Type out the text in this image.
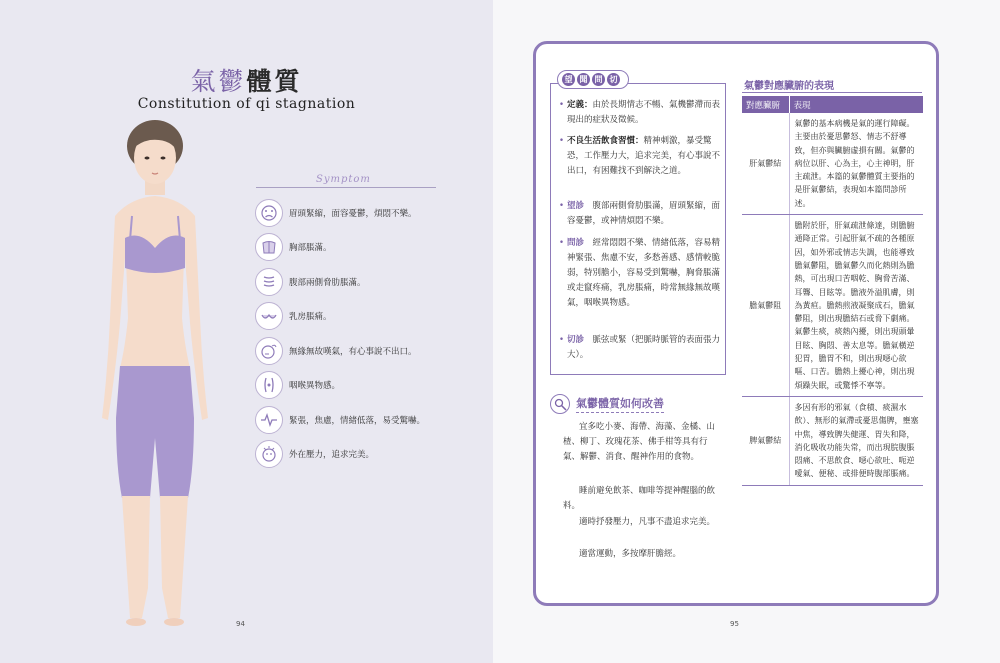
氣鬱體質
Constitution of qi stagnation
Symptom
眉頭緊縮，面容憂鬱，煩悶不樂。
胸部脹滿。
腹部兩側脅肋脹滿。
乳房脹痛。
無緣無故嘆氣，有心事說不出口。
咽喉異物感。
緊張，焦慮，情緒低落，易受驚嚇。
外在壓力，追求完美。
94
望 聞 問 切
• 定義：由於長期情志不暢、氣機鬱滯而表現出的症狀及徵候。
• 不良生活飲食習慣：精神刺激，暴受驚恐，工作壓力大，追求完美，有心事說不出口，有困難找不到解決之道。
• 望診　腹部兩側脅肋脹滿，眉頭緊縮，面容憂鬱，或神情煩悶不樂。
• 問診　經常悶悶不樂、情緒低落，容易精神緊張、焦慮不安，多愁善感、感情較脆弱，特別膽小，容易受到驚嚇，胸脅脹滿或走竄疼痛，乳房脹痛，時常無緣無故嘆氣，咽喉異物感。
• 切診　脈弦或緊（把脈時脈管的表面張力大）。
氣鬱體質如何改善
宜多吃小麥、海帶、海藻、金橘、山楂、柳丁、玫瑰花茶、佛手柑等具有行氣、解鬱、消食、醒神作用的食物。
睡前避免飲茶、咖啡等提神醒腦的飲料。
適時抒發壓力，凡事不盡追求完美。
適當運動，多按摩肝膽經。
氣鬱對應臟腑的表現
對應臟腑	表現
肝氣鬱結	氣鬱的基本病機是氣的運行障礙。主要由於憂思鬱怒、情志不舒導致，但亦與臟腑虛損有關。氣鬱的病位以肝、心為主，心主神明，肝主疏泄。本篇的氣鬱體質主要指的是肝氣鬱結，表現如本篇問診所述。
膽氣鬱阻	膽附於肝，肝氣疏泄條達，則膽腑通降正常。引起肝氣不疏的各種原因，如外邪或情志失調，也能導致膽氣鬱阻，膽氣鬱久而化熱則為膽熱，可出現口苦咽乾、胸脅苦滿、耳聾、目眩等。膽液外溢肌膚，則為黃疸。膽熱煎液凝聚成石，膽氣鬱阻，則出現膽結石或脅下劇痛。氣鬱生痰，痰熱內擾，則出現頭暈目眩、胸悶、善太息等。膽氣橫逆犯胃，膽胃不和，則出現噁心欲嘔、口苦。膽熱上擾心神，則出現煩躁失眠，或驚悸不寧等。
脾氣鬱結	多因有形的邪氣（食積、痰濕水飲）、無形的氣滯或憂思傷脾，壅塞中焦，導致脾失健運、胃失和降，消化吸收功能失常，而出現脘腹脹悶痛、不思飲食、噁心欲吐、呃逆噯氣、便秘、或排便時腹部脹痛。
95
